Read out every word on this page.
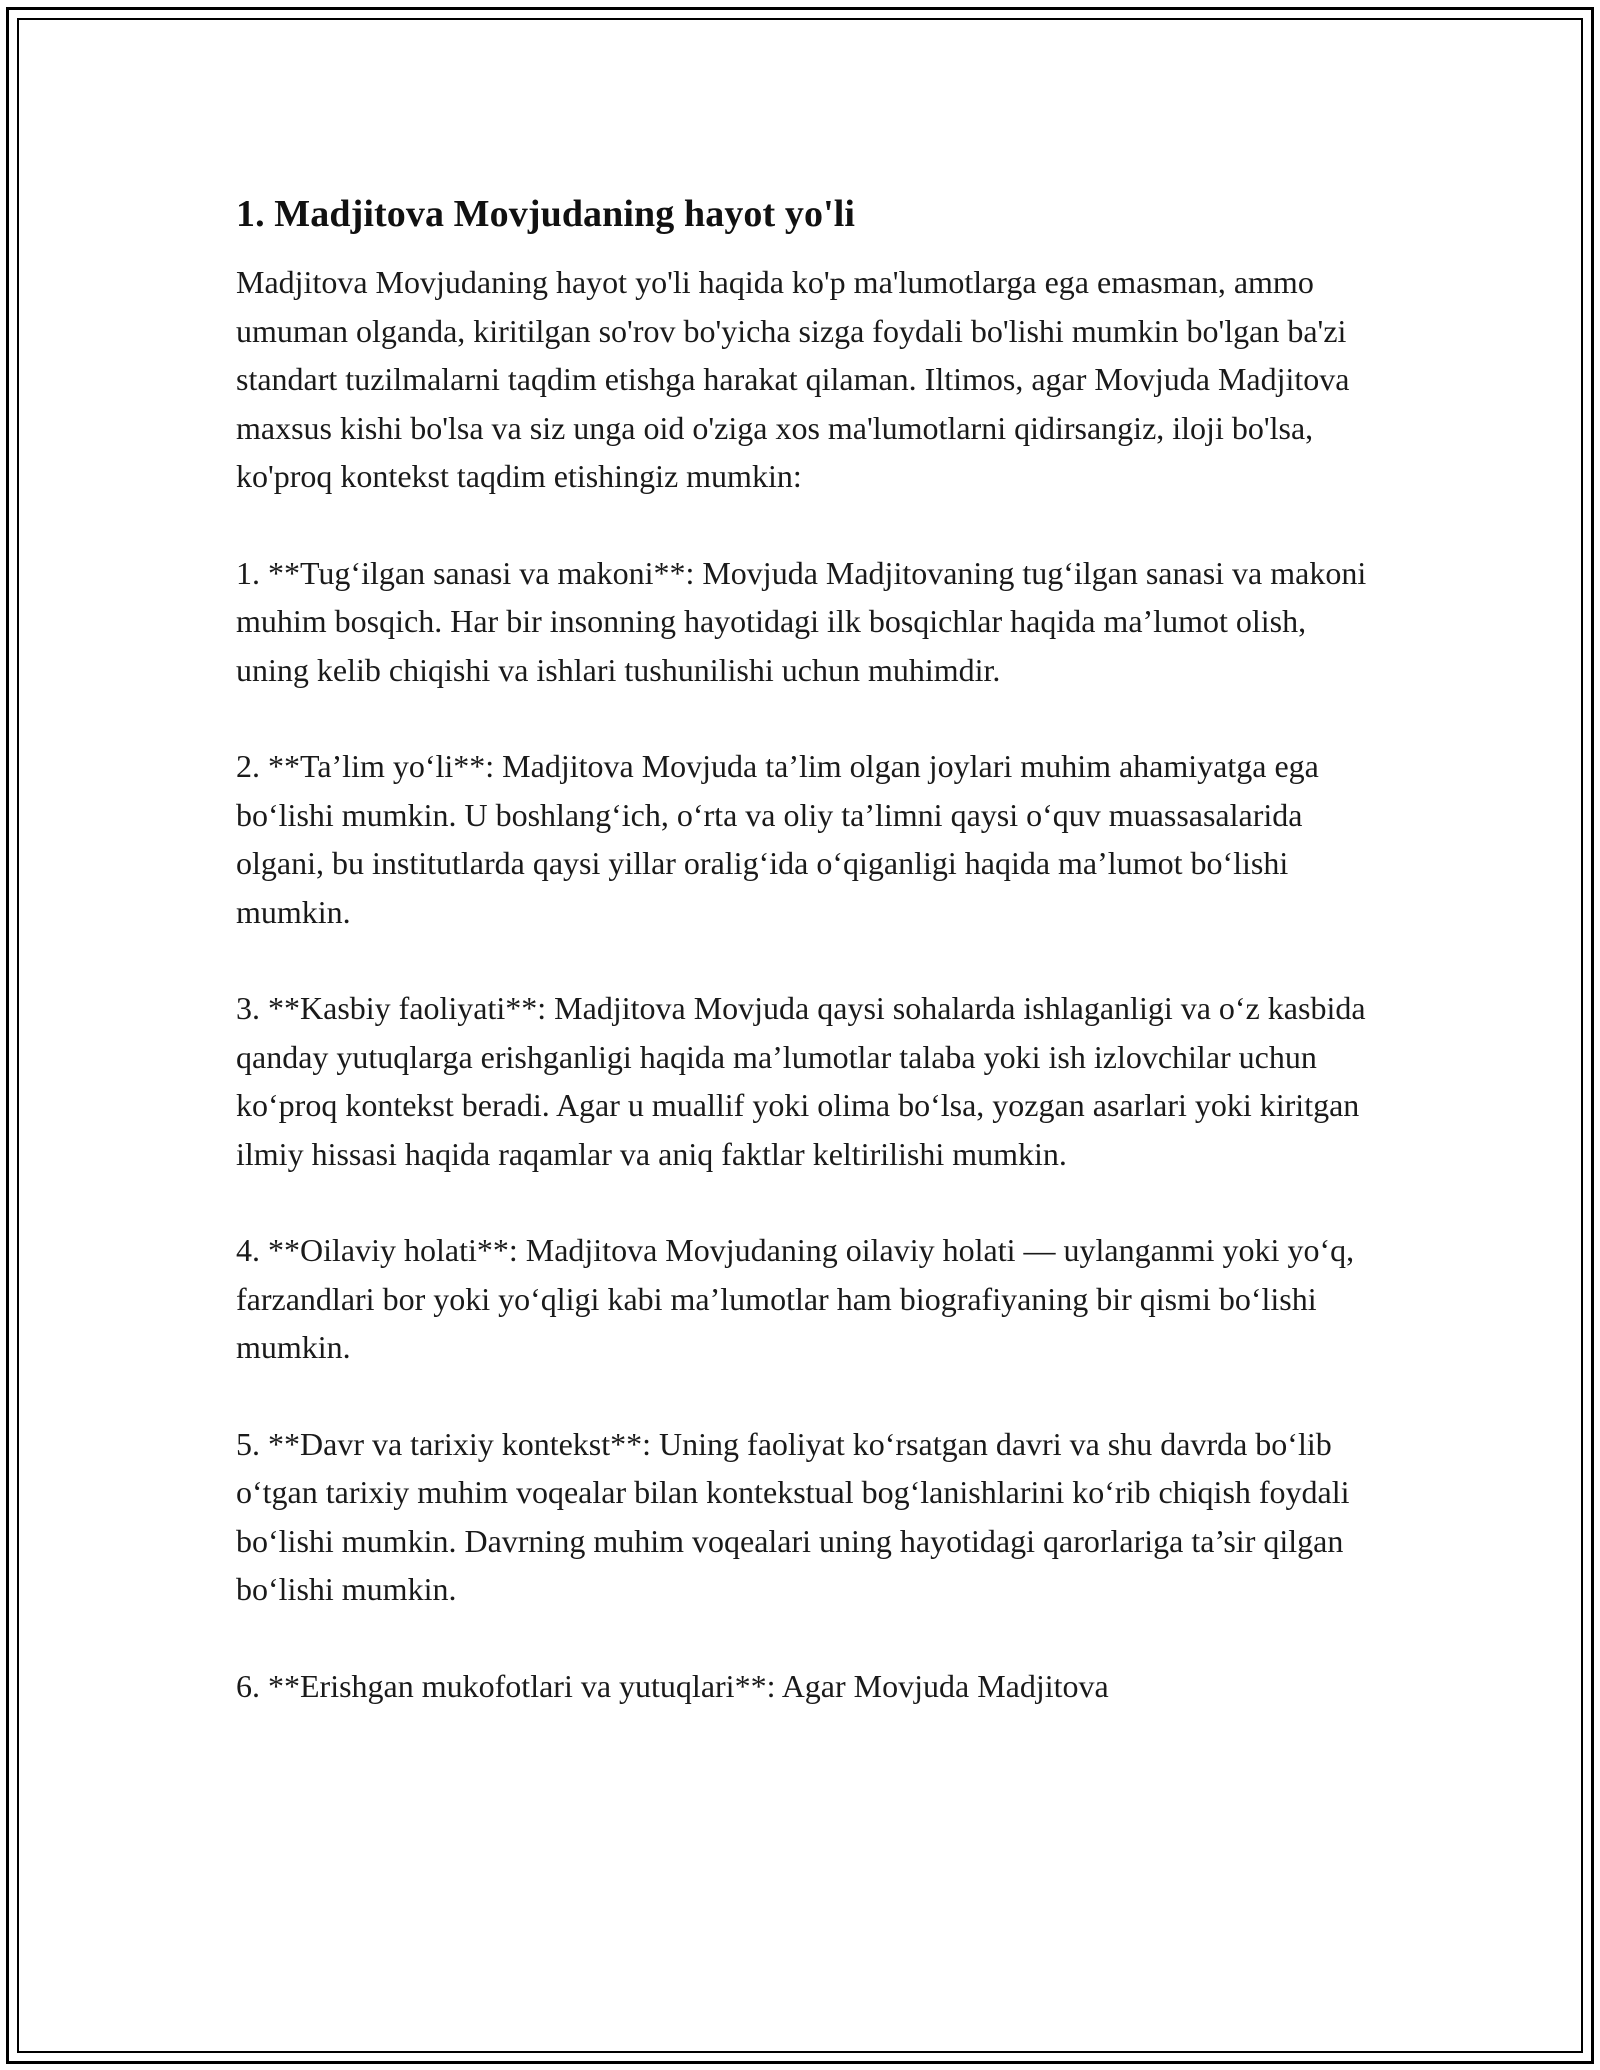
1. Madjitova Movjudaning hayot yo'li

Madjitova Movjudaning hayot yo'li haqida ko'p ma'lumotlarga ega emasman, ammo umuman olganda, kiritilgan so'rov bo'yicha sizga foydali bo'lishi mumkin bo'lgan ba'zi standart tuzilmalarni taqdim etishga harakat qilaman. Iltimos, agar Movjuda Madjitova maxsus kishi bo'lsa va siz unga oid o'ziga xos ma'lumotlarni qidirsangiz, iloji bo'lsa, ko'proq kontekst taqdim etishingiz mumkin:

1. **Tug‘ilgan sanasi va makoni**: Movjuda Madjitovaning tug‘ilgan sanasi va makoni muhim bosqich. Har bir insonning hayotidagi ilk bosqichlar haqida ma’lumot olish, uning kelib chiqishi va ishlari tushunilishi uchun muhimdir.

2. **Ta’lim yo‘li**: Madjitova Movjuda ta’lim olgan joylari muhim ahamiyatga ega bo‘lishi mumkin. U boshlang‘ich, o‘rta va oliy ta’limni qaysi o‘quv muassasalarida olgani, bu institutlarda qaysi yillar oralig‘ida o‘qiganligi haqida ma’lumot bo‘lishi mumkin.

3. **Kasbiy faoliyati**: Madjitova Movjuda qaysi sohalarda ishlaganligi va o‘z kasbida qanday yutuqlarga erishganligi haqida ma’lumotlar talaba yoki ish izlovchilar uchun ko‘proq kontekst beradi. Agar u muallif yoki olima bo‘lsa, yozgan asarlari yoki kiritgan ilmiy hissasi haqida raqamlar va aniq faktlar keltirilishi mumkin.

4. **Oilaviy holati**: Madjitova Movjudaning oilaviy holati — uylanganmi yoki yo‘q, farzandlari bor yoki yo‘qligi kabi ma’lumotlar ham biografiyaning bir qismi bo‘lishi mumkin.

5. **Davr va tarixiy kontekst**: Uning faoliyat ko‘rsatgan davri va shu davrda bo‘lib o‘tgan tarixiy muhim voqealar bilan kontekstual bog‘lanishlarini ko‘rib chiqish foydali bo‘lishi mumkin. Davrning muhim voqealari uning hayotidagi qarorlariga ta’sir qilgan bo‘lishi mumkin.

6. **Erishgan mukofotlari va yutuqlari**: Agar Movjuda Madjitova
